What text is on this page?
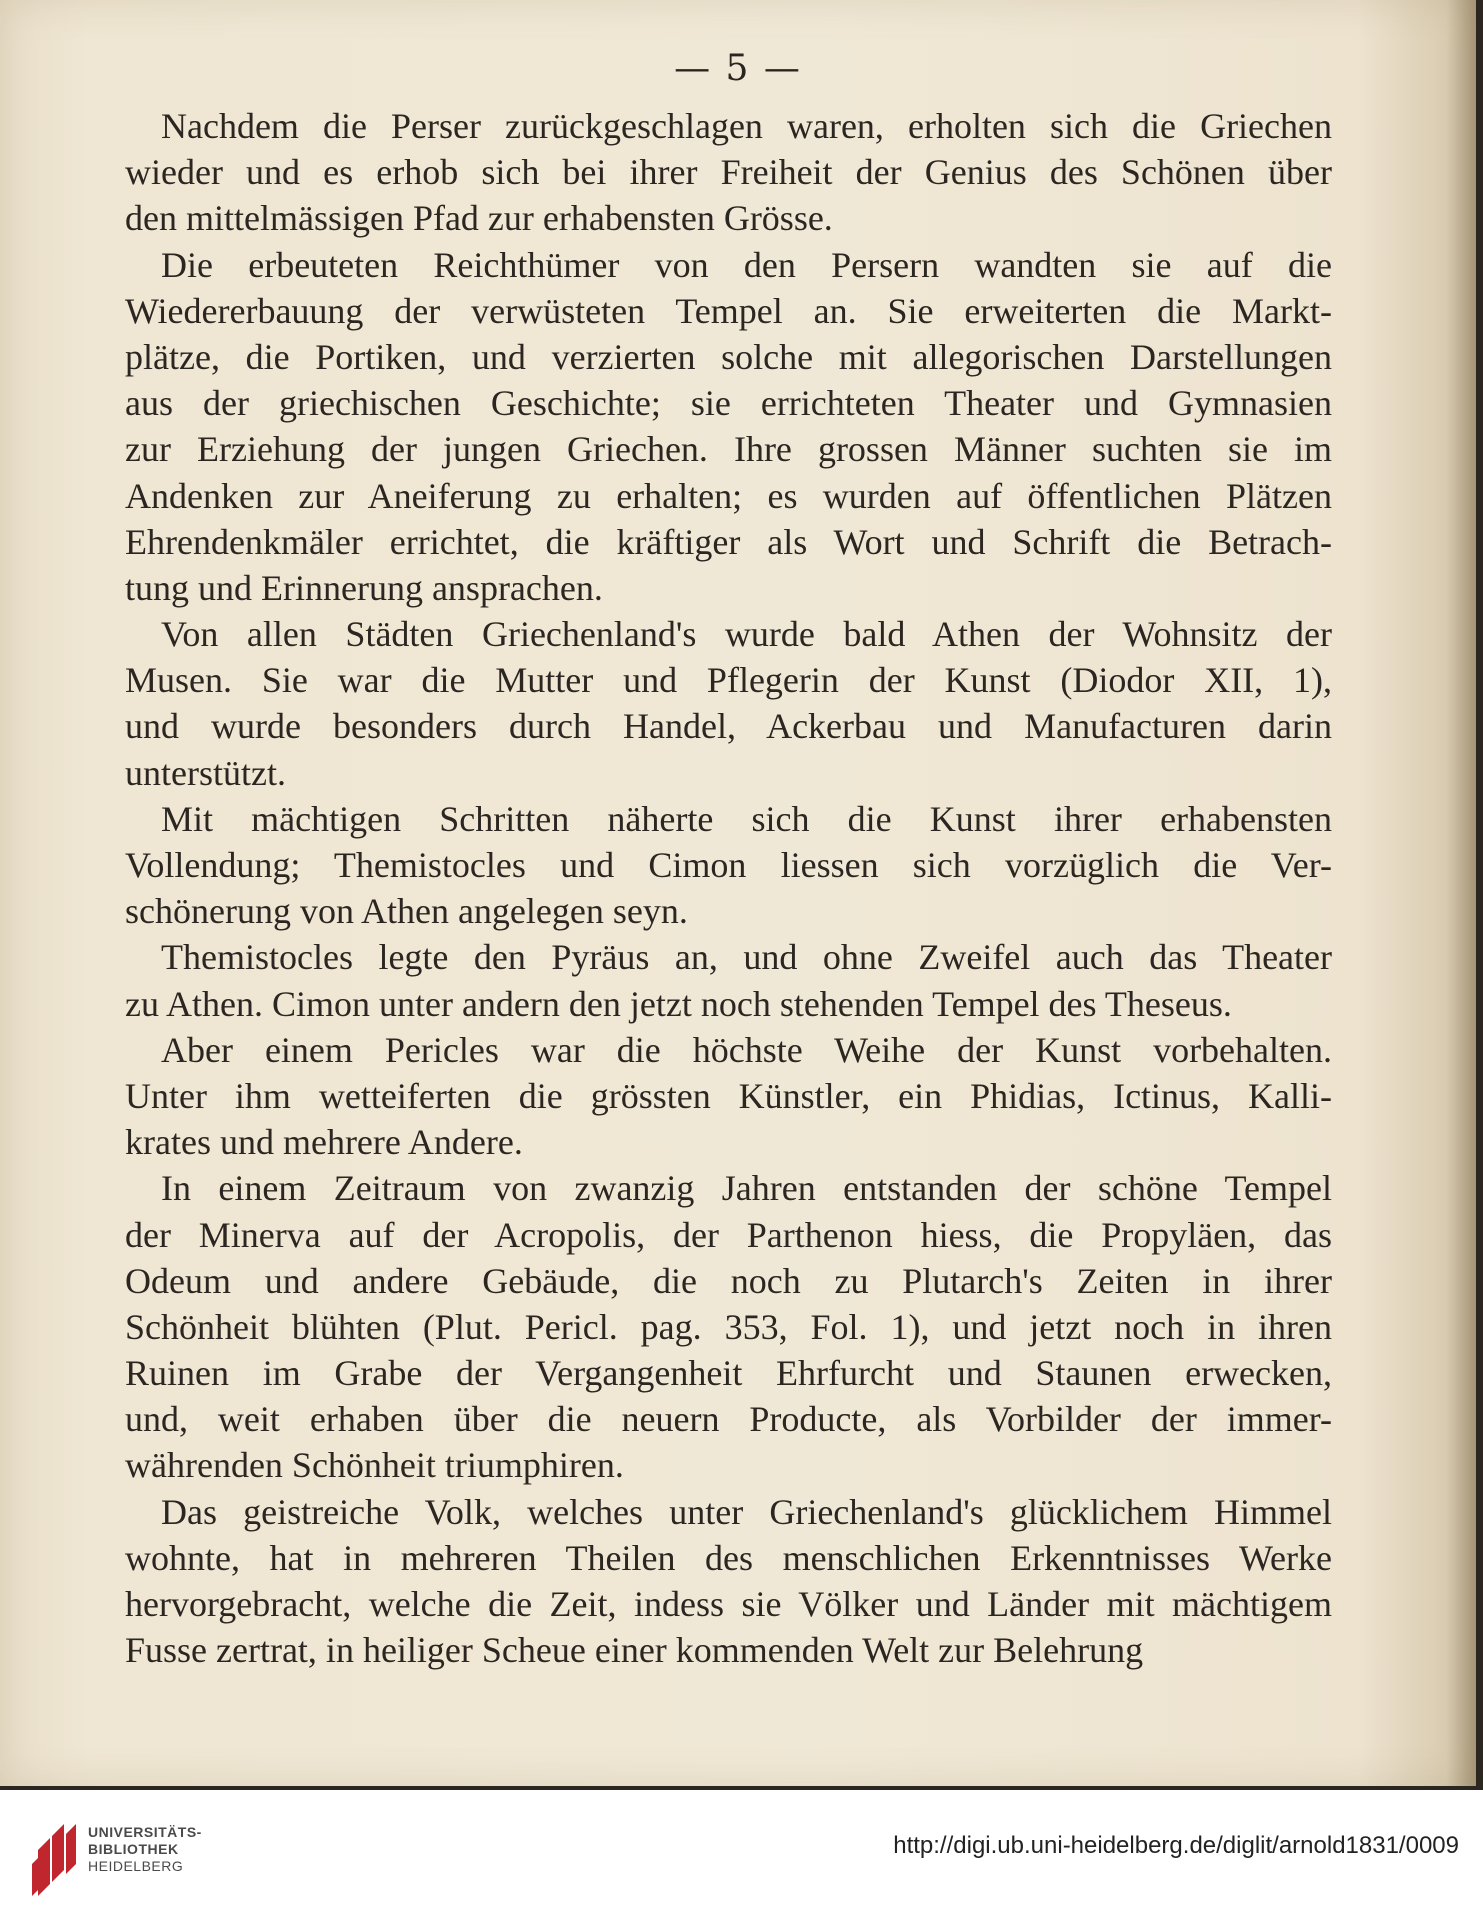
— 5 —
Nachdem die Perser zurückgeschlagen waren, erholten sich die Griechen
wieder und es erhob sich bei ihrer Freiheit der Genius des Schönen über
den mittelmässigen Pfad zur erhabensten Grösse.
Die erbeuteten Reichthümer von den Persern wandten sie auf die
Wiedererbauung der verwüsteten Tempel an. Sie erweiterten die Markt-
plätze, die Portiken, und verzierten solche mit allegorischen Darstellungen
aus der griechischen Geschichte; sie errichteten Theater und Gymnasien
zur Erziehung der jungen Griechen. Ihre grossen Männer suchten sie im
Andenken zur Aneiferung zu erhalten; es wurden auf öffentlichen Plätzen
Ehrendenkmäler errichtet, die kräftiger als Wort und Schrift die Betrach-
tung und Erinnerung ansprachen.
Von allen Städten Griechenland's wurde bald Athen der Wohnsitz der
Musen. Sie war die Mutter und Pflegerin der Kunst (Diodor XII, 1),
und wurde besonders durch Handel, Ackerbau und Manufacturen darin
unterstützt.
Mit mächtigen Schritten näherte sich die Kunst ihrer erhabensten
Vollendung; Themistocles und Cimon liessen sich vorzüglich die Ver-
schönerung von Athen angelegen seyn.
Themistocles legte den Pyräus an, und ohne Zweifel auch das Theater
zu Athen. Cimon unter andern den jetzt noch stehenden Tempel des Theseus.
Aber einem Pericles war die höchste Weihe der Kunst vorbehalten.
Unter ihm wetteiferten die grössten Künstler, ein Phidias, Ictinus, Kalli-
krates und mehrere Andere.
In einem Zeitraum von zwanzig Jahren entstanden der schöne Tempel
der Minerva auf der Acropolis, der Parthenon hiess, die Propyläen, das
Odeum und andere Gebäude, die noch zu Plutarch's Zeiten in ihrer
Schönheit blühten (Plut. Pericl. pag. 353, Fol. 1), und jetzt noch in ihren
Ruinen im Grabe der Vergangenheit Ehrfurcht und Staunen erwecken,
und, weit erhaben über die neuern Producte, als Vorbilder der immer-
währenden Schönheit triumphiren.
Das geistreiche Volk, welches unter Griechenland's glücklichem Himmel
wohnte, hat in mehreren Theilen des menschlichen Erkenntnisses Werke
hervorgebracht, welche die Zeit, indess sie Völker und Länder mit mächtigem
Fusse zertrat, in heiliger Scheue einer kommenden Welt zur Belehrung
UNIVERSITÄTS-
BIBLIOTHEK
HEIDELBERG
http://digi.ub.uni-heidelberg.de/diglit/arnold1831/0009
